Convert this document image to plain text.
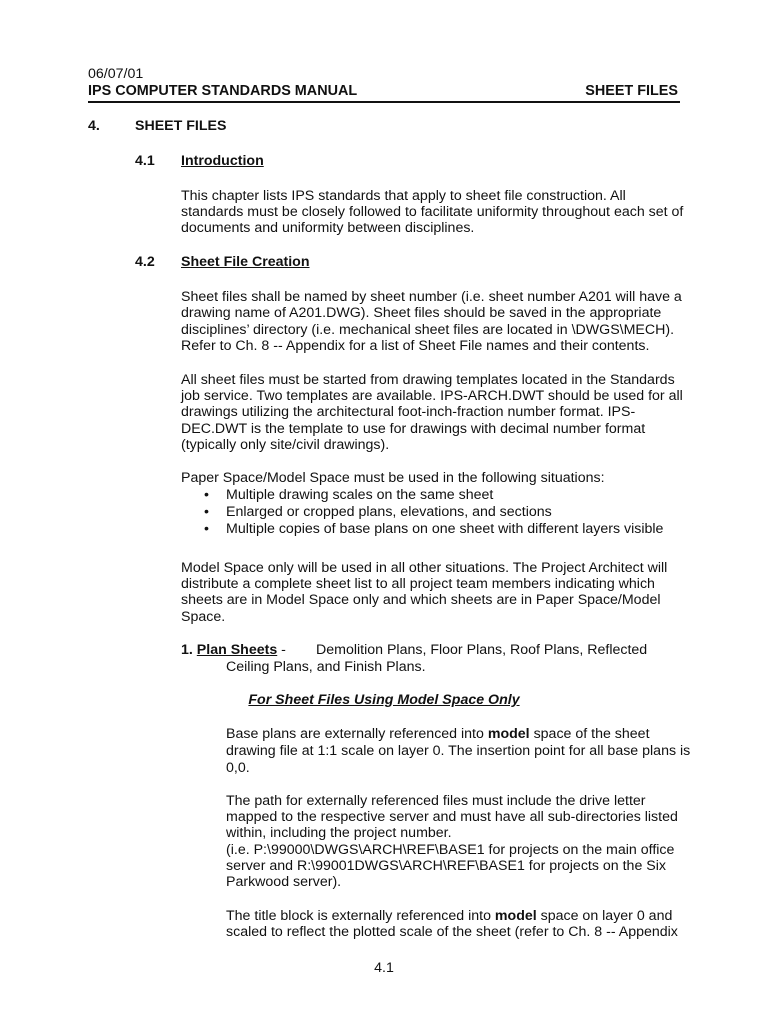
06/07/01
IPS COMPUTER STANDARDS MANUAL	SHEET FILES
4. SHEET FILES
4.1 Introduction
This chapter lists IPS standards that apply to sheet file construction. All
standards must be closely followed to facilitate uniformity throughout each set of
documents and uniformity between disciplines.
4.2 Sheet File Creation
Sheet files shall be named by sheet number (i.e. sheet number A201 will have a
drawing name of A201.DWG). Sheet files should be saved in the appropriate
disciplines’ directory (i.e. mechanical sheet files are located in \DWGS\MECH).
Refer to Ch. 8 -- Appendix for a list of Sheet File names and their contents.
All sheet files must be started from drawing templates located in the Standards
job service. Two templates are available. IPS-ARCH.DWT should be used for all
drawings utilizing the architectural foot-inch-fraction number format. IPS-
DEC.DWT is the template to use for drawings with decimal number format
(typically only site/civil drawings).
Paper Space/Model Space must be used in the following situations:
• Multiple drawing scales on the same sheet
• Enlarged or cropped plans, elevations, and sections
• Multiple copies of base plans on one sheet with different layers visible
Model Space only will be used in all other situations. The Project Architect will
distribute a complete sheet list to all project team members indicating which
sheets are in Model Space only and which sheets are in Paper Space/Model
Space.
1. Plan Sheets - Demolition Plans, Floor Plans, Roof Plans, Reflected
Ceiling Plans, and Finish Plans.
For Sheet Files Using Model Space Only
Base plans are externally referenced into model space of the sheet
drawing file at 1:1 scale on layer 0. The insertion point for all base plans is
0,0.
The path for externally referenced files must include the drive letter
mapped to the respective server and must have all sub-directories listed
within, including the project number.
(i.e. P:\99000\DWGS\ARCH\REF\BASE1 for projects on the main office
server and R:\99001DWGS\ARCH\REF\BASE1 for projects on the Six
Parkwood server).
The title block is externally referenced into model space on layer 0 and
scaled to reflect the plotted scale of the sheet (refer to Ch. 8 -- Appendix
4.1
